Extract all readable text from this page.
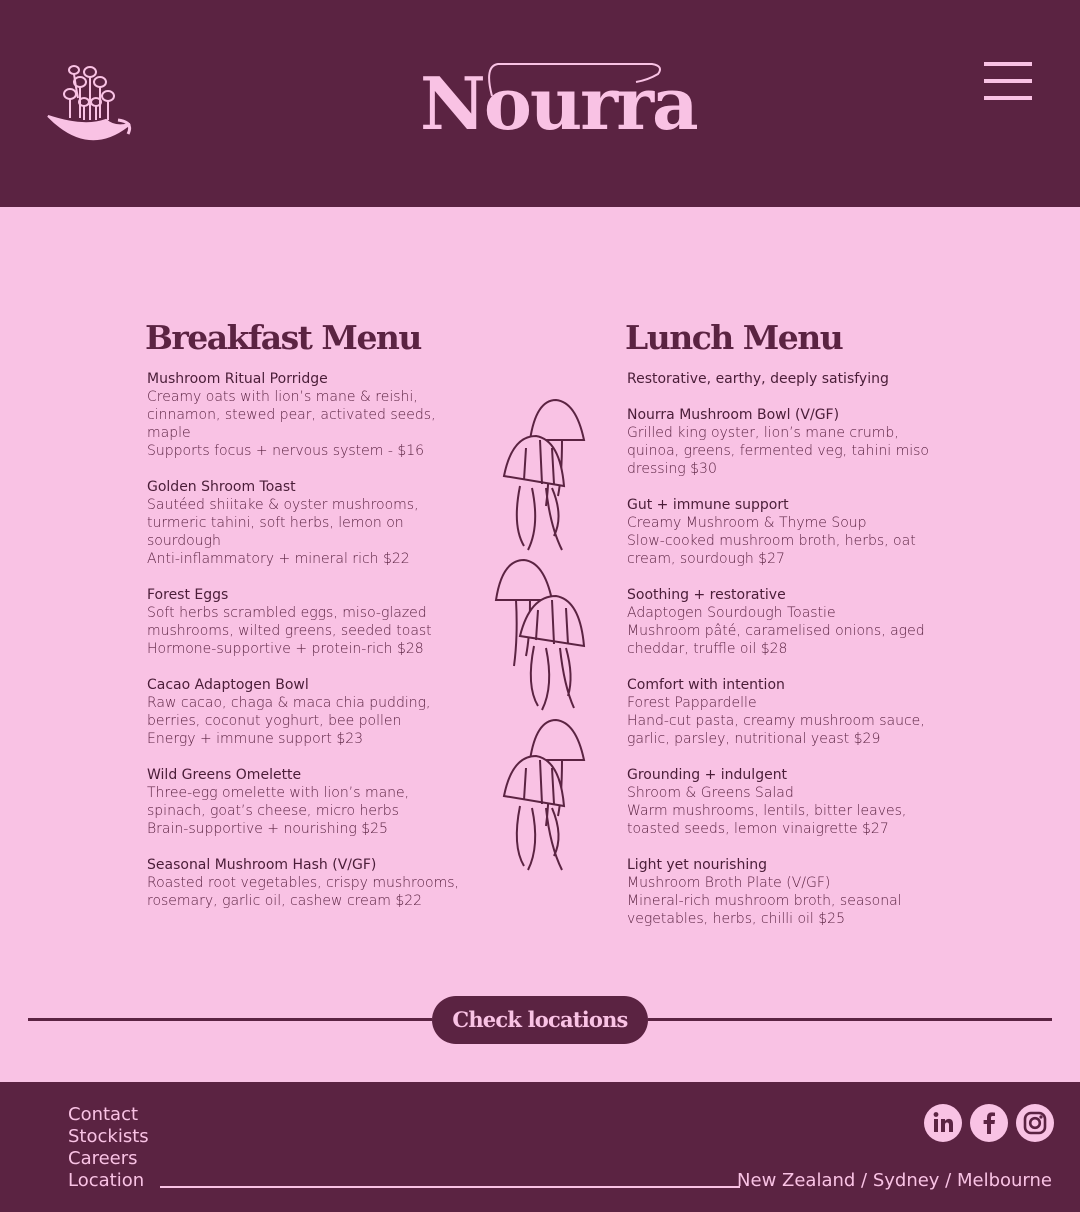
Nourra
Breakfast Menu
Mushroom Ritual Porridge
Creamy oats with lion’s mane & reishi, cinnamon, stewed pear, activated seeds, maple
Supports focus + nervous system - $16
Golden Shroom Toast
Sautéed shiitake & oyster mushrooms, turmeric tahini, soft herbs, lemon on sourdough
Anti-inflammatory + mineral rich $22
Forest Eggs
Soft herbs scrambled eggs, miso-glazed mushrooms, wilted greens, seeded toast
Hormone-supportive + protein-rich $28
Cacao Adaptogen Bowl
Raw cacao, chaga & maca chia pudding, berries, coconut yoghurt, bee pollen
Energy + immune support $23
Wild Greens Omelette
Three-egg omelette with lion’s mane, spinach, goat’s cheese, micro herbs
Brain-supportive + nourishing $25
Seasonal Mushroom Hash (V/GF)
Roasted root vegetables, crispy mushrooms, rosemary, garlic oil, cashew cream $22
Lunch Menu
Restorative, earthy, deeply satisfying
Nourra Mushroom Bowl (V/GF)
Grilled king oyster, lion’s mane crumb, quinoa, greens, fermented veg, tahini miso dressing $30
Gut + immune support
Creamy Mushroom & Thyme Soup
Slow-cooked mushroom broth, herbs, oat cream, sourdough $27
Soothing + restorative
Adaptogen Sourdough Toastie
Mushroom pâté, caramelised onions, aged cheddar, truffle oil $28
Comfort with intention
Forest Pappardelle
Hand-cut pasta, creamy mushroom sauce, garlic, parsley, nutritional yeast $29
Grounding + indulgent
Shroom & Greens Salad
Warm mushrooms, lentils, bitter leaves, toasted seeds, lemon vinaigrette $27
Light yet nourishing
Mushroom Broth Plate (V/GF)
Mineral-rich mushroom broth, seasonal vegetables, herbs, chilli oil $25
Check locations
Contact
Stockists
Careers
Location	New Zealand / Sydney / Melbourne
